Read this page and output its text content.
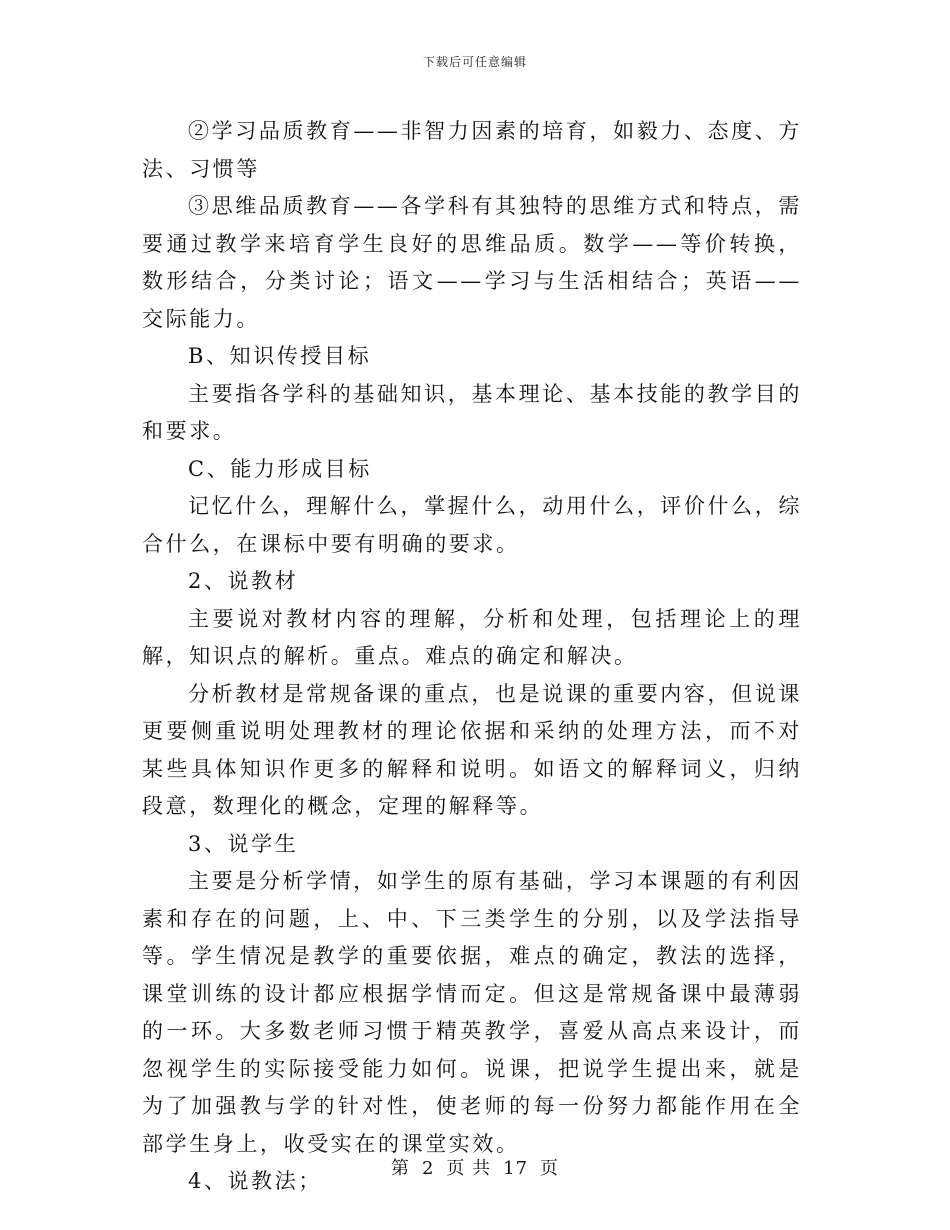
下载后可任意编辑

②学习品质教育——非智力因素的培育，如毅力、态度、方法、习惯等

③思维品质教育——各学科有其独特的思维方式和特点，需要通过教学来培育学生良好的思维品质。数学——等价转换，数形结合，分类讨论；语文——学习与生活相结合；英语——交际能力。

B、知识传授目标

主要指各学科的基础知识，基本理论、基本技能的教学目的和要求。

C、能力形成目标

记忆什么，理解什么，掌握什么，动用什么，评价什么，综合什么，在课标中要有明确的要求。

2、说教材

主要说对教材内容的理解，分析和处理，包括理论上的理解，知识点的解析。重点。难点的确定和解决。

分析教材是常规备课的重点，也是说课的重要内容，但说课更要侧重说明处理教材的理论依据和采纳的处理方法，而不对某些具体知识作更多的解释和说明。如语文的解释词义，归纳段意，数理化的概念，定理的解释等。

3、说学生

主要是分析学情，如学生的原有基础，学习本课题的有利因素和存在的问题，上、中、下三类学生的分别，以及学法指导等。学生情况是教学的重要依据，难点的确定，教法的选择，课堂训练的设计都应根据学情而定。但这是常规备课中最薄弱的一环。大多数老师习惯于精英教学，喜爱从高点来设计，而忽视学生的实际接受能力如何。说课，把说学生提出来，就是为了加强教与学的针对性，使老师的每一份努力都能作用在全部学生身上，收受实在的课堂实效。

4、说教法；

第 2 页 共 17 页
